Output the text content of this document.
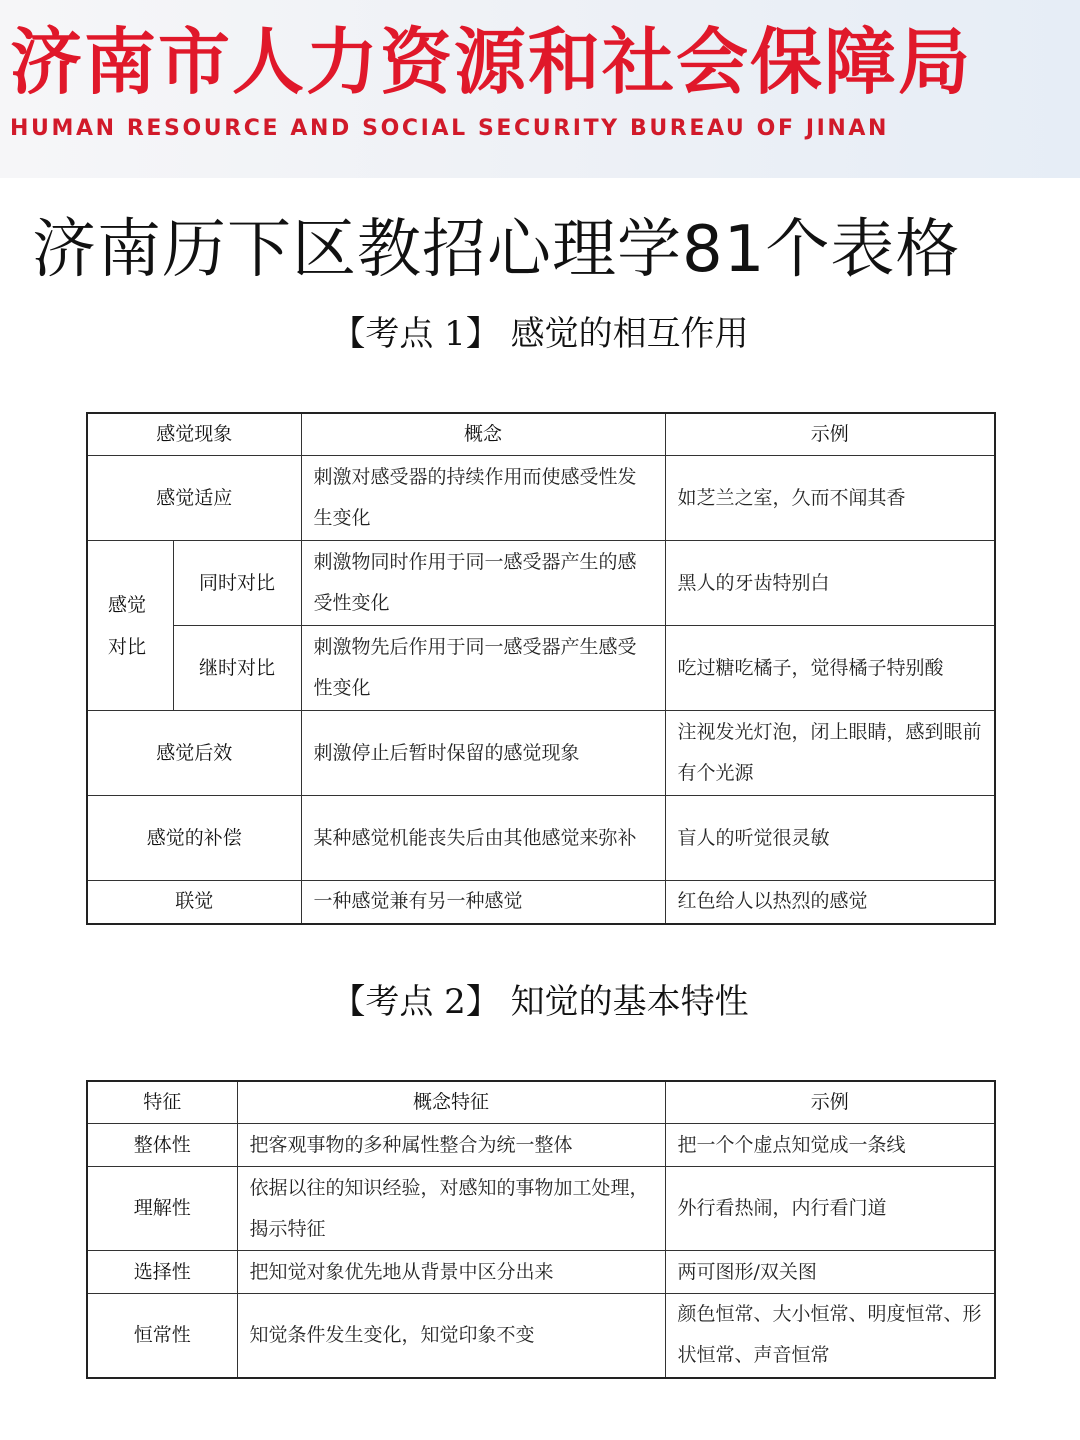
济南市人力资源和社会保障局
HUMAN RESOURCE AND SOCIAL SECURITY BUREAU OF JINAN
济南历下区教招心理学81个表格
【考点 1】 感觉的相互作用
感觉现象		概念	示例
感觉适应		刺激对感受器的持续作用而使感受性发生变化	如芝兰之室，久而不闻其香

感觉
对比	同时对比	刺激物同时作用于同一感受器产生的感受性变化	黑人的牙齿特别白
	继时对比	刺激物先后作用于同一感受器产生感受性变化	吃过糖吃橘子，觉得橘子特别酸
感觉后效		刺激停止后暂时保留的感觉现象	注视发光灯泡，闭上眼睛，感到眼前有个光源
感觉的补偿		某种感觉机能丧失后由其他感觉来弥补	盲人的听觉很灵敏
联觉		一种感觉兼有另一种感觉	红色给人以热烈的感觉
【考点 2】 知觉的基本特性
特征	概念特征	示例
整体性	把客观事物的多种属性整合为统一整体	把一个个虚点知觉成一条线
理解性	依据以往的知识经验，对感知的事物加工处理，揭示特征	外行看热闹，内行看门道
选择性	把知觉对象优先地从背景中区分出来	两可图形/双关图
恒常性	知觉条件发生变化，知觉印象不变	颜色恒常、大小恒常、明度恒常、形状恒常、声音恒常
